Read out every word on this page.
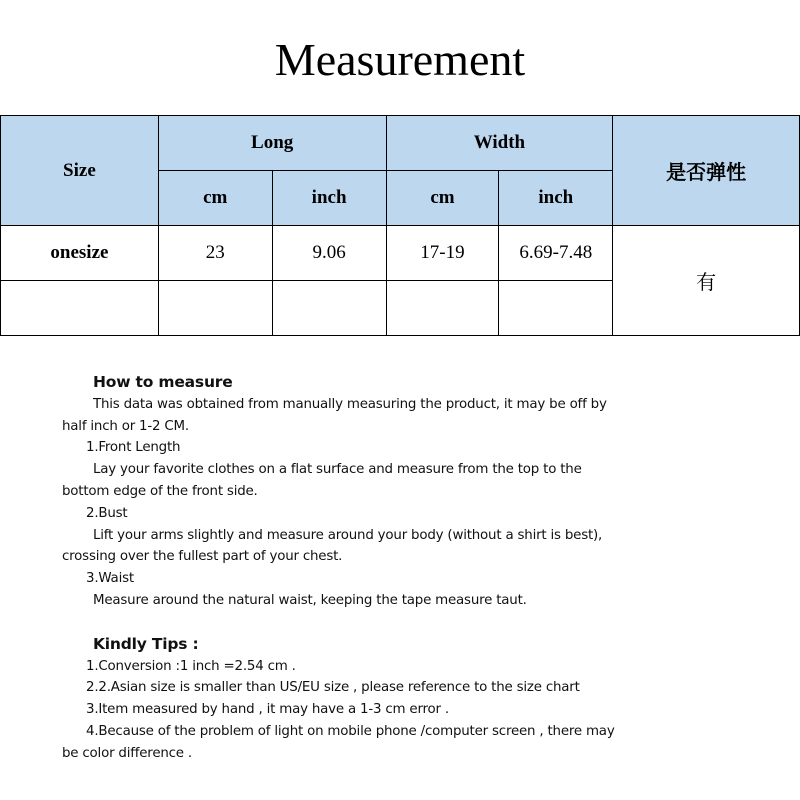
Measurement
Size	Long		Width		是否弹性
	cm	inch	cm	inch	
onesize	23	9.06	17-19	6.69-7.48	有

How to measure
This data was obtained from manually measuring the product, it may be off by
half inch or 1-2 CM.
1.Front Length
Lay your favorite clothes on a flat surface and measure from the top to the
bottom edge of the front side.
2.Bust
Lift your arms slightly and measure around your body (without a shirt is best),
crossing over the fullest part of your chest.
3.Waist
Measure around the natural waist, keeping the tape measure taut.
Kindly Tips :
1.Conversion :1 inch =2.54 cm .
2.2.Asian size is smaller than US/EU size , please reference to the size chart
3.Item measured by hand , it may have a 1-3 cm error .
4.Because of the problem of light on mobile phone /computer screen , there may
be color difference .
